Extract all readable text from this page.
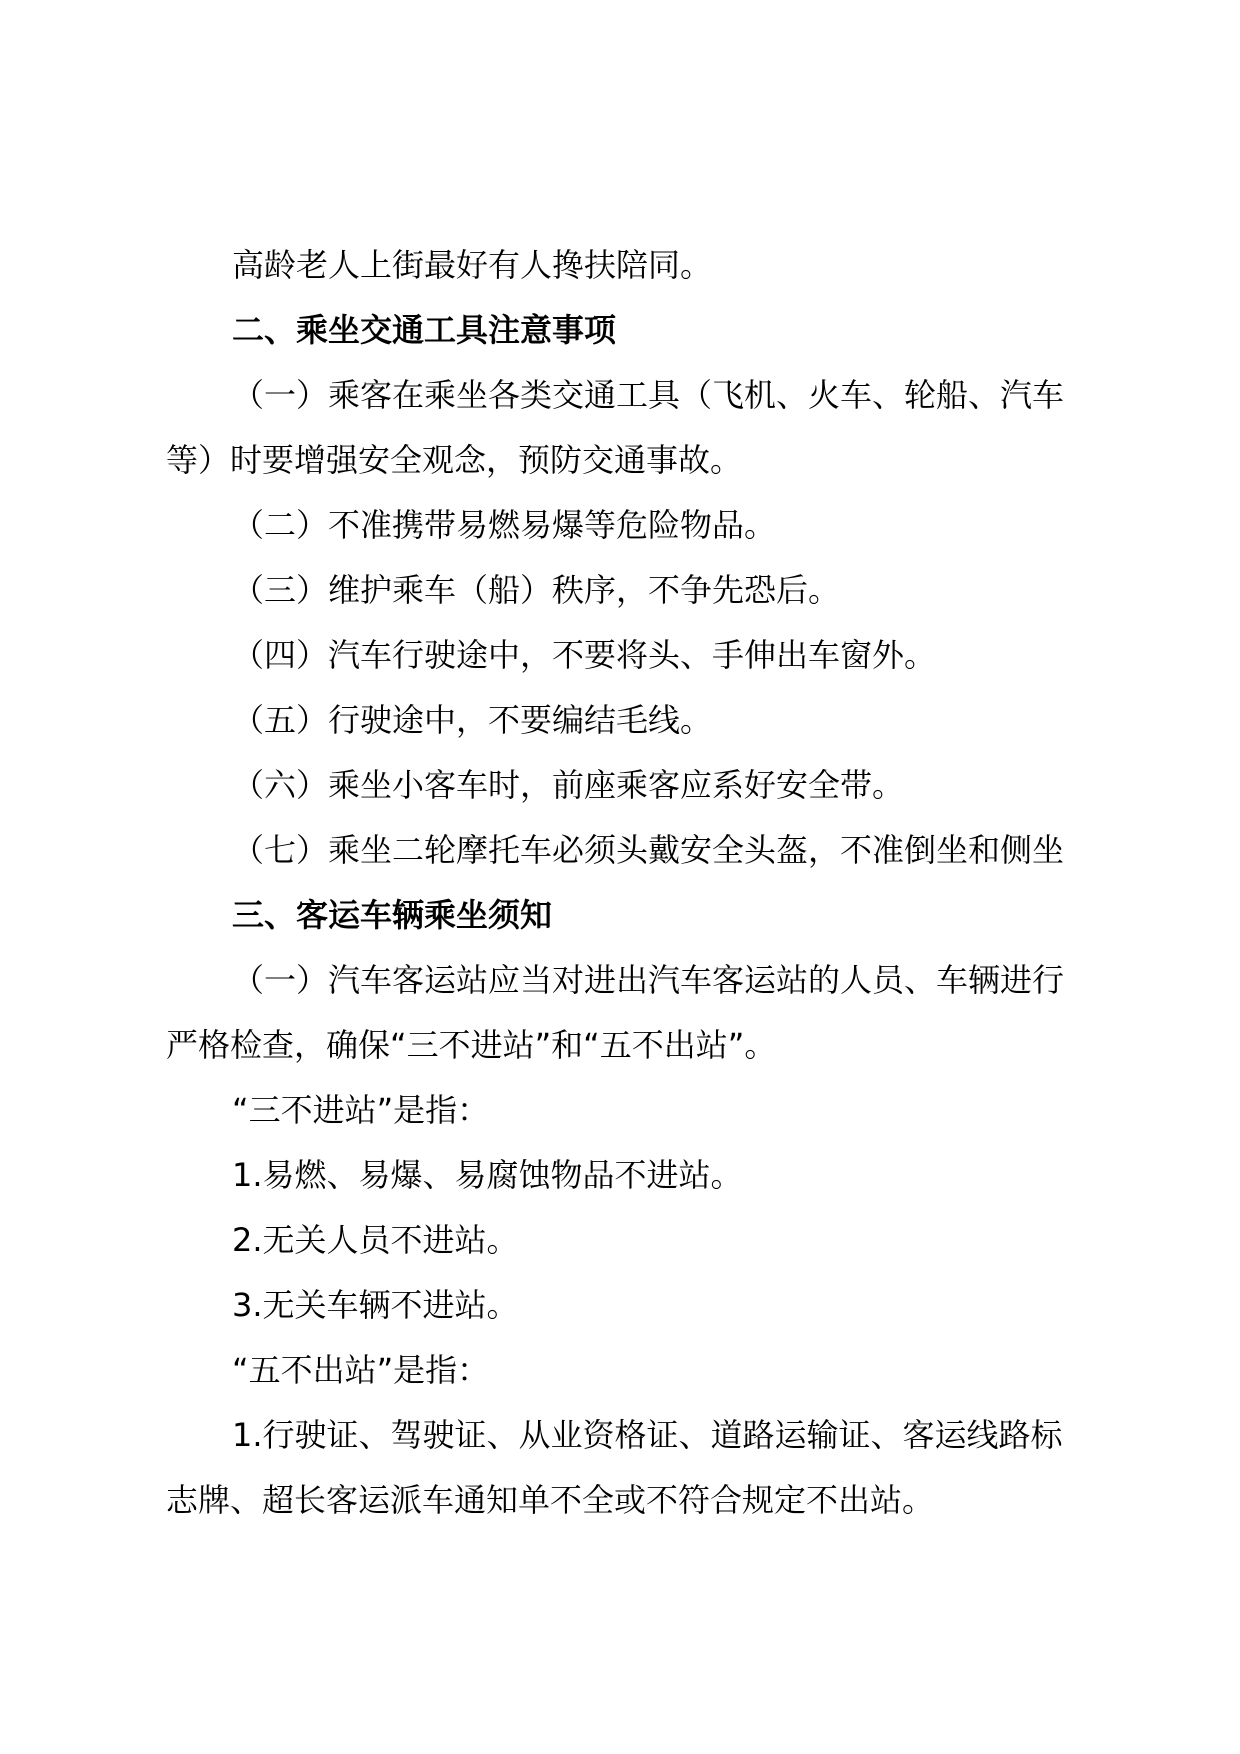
高龄老人上街最好有人搀扶陪同。
二、乘坐交通工具注意事项
（一）乘客在乘坐各类交通工具（飞机、火车、轮船、汽车
等）时要增强安全观念，预防交通事故。
（二）不准携带易燃易爆等危险物品。
（三）维护乘车（船）秩序，不争先恐后。
（四）汽车行驶途中，不要将头、手伸出车窗外。
（五）行驶途中，不要编结毛线。
（六）乘坐小客车时，前座乘客应系好安全带。
（七）乘坐二轮摩托车必须头戴安全头盔，不准倒坐和侧坐
三、客运车辆乘坐须知
（一）汽车客运站应当对进出汽车客运站的人员、车辆进行
严格检查，确保“三不进站”和“五不出站”。
“三不进站”是指：
1.易燃、易爆、易腐蚀物品不进站。
2.无关人员不进站。
3.无关车辆不进站。
“五不出站”是指：
1.行驶证、驾驶证、从业资格证、道路运输证、客运线路标
志牌、超长客运派车通知单不全或不符合规定不出站。
